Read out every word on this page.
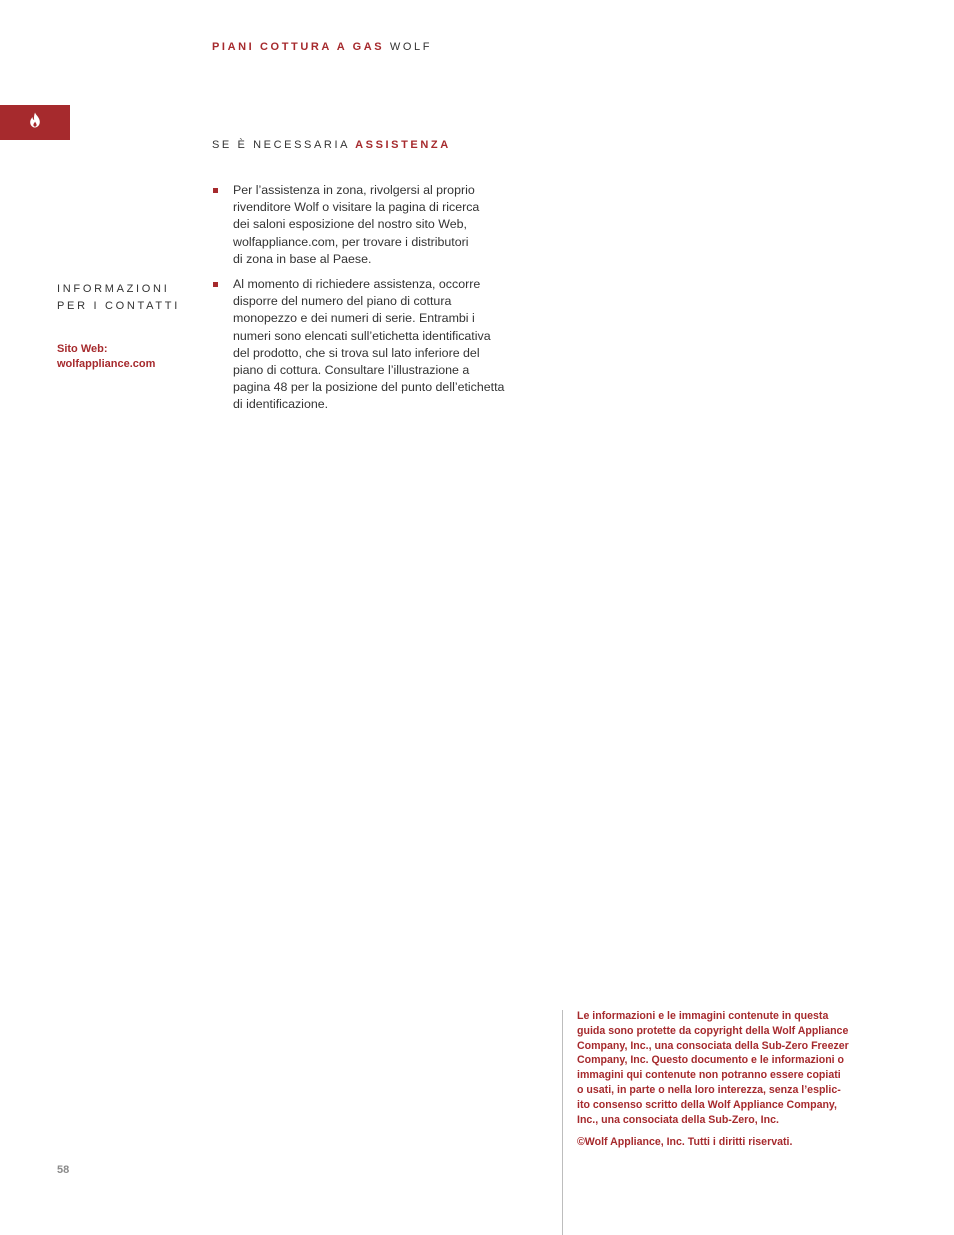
PIANI COTTURA A GAS WOLF
SE È NECESSARIA ASSISTENZA
Per l’assistenza in zona, rivolgersi al proprio
rivenditore Wolf o visitare la pagina di ricerca
dei saloni esposizione del nostro sito Web,
wolfappliance.com, per trovare i distributori
di zona in base al Paese.
Al momento di richiedere assistenza, occorre
disporre del numero del piano di cottura
monopezzo e dei numeri di serie. Entrambi i
numeri sono elencati sull’etichetta identificativa
del prodotto, che si trova sul lato inferiore del
piano di cottura. Consultare l’illustrazione a
pagina 48 per la posizione del punto dell’etichetta
di identificazione.
INFORMAZIONI
PER I CONTATTI
Sito Web:
wolfappliance.com

Le informazioni e le immagini contenute in questa
guida sono protette da copyright della Wolf Appliance
Company, Inc., una consociata della Sub-Zero Freezer
Company, Inc. Questo documento e le informazioni o
immagini qui contenute non potranno essere copiati
o usati, in parte o nella loro interezza, senza l’esplic-
ito consenso scritto della Wolf Appliance Company,
Inc., una consociata della Sub-Zero, Inc.

©Wolf Appliance, Inc. Tutti i diritti riservati.

58
